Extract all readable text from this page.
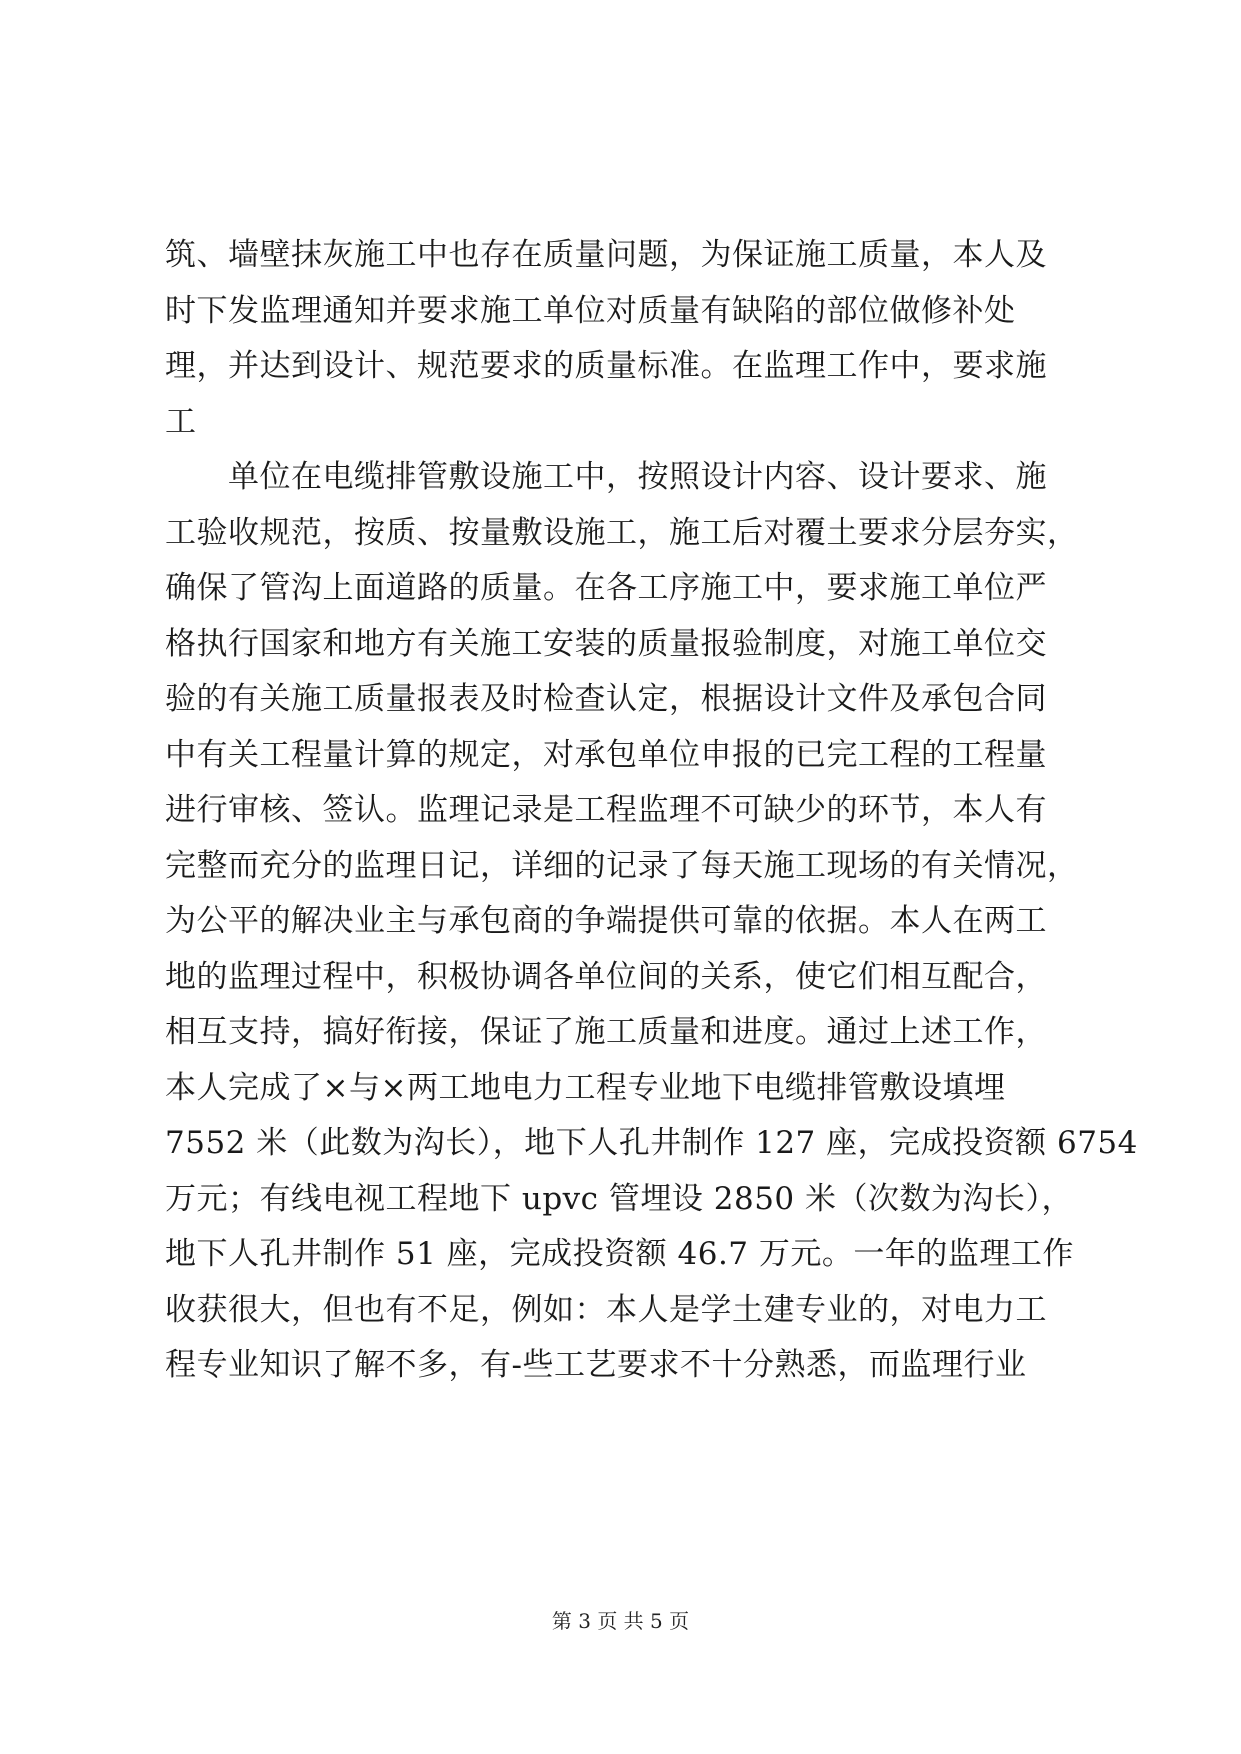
筑、墙壁抹灰施工中也存在质量问题，为保证施工质量，本人及
时下发监理通知并要求施工单位对质量有缺陷的部位做修补处
理，并达到设计、规范要求的质量标准。在监理工作中，要求施
工
　　单位在电缆排管敷设施工中，按照设计内容、设计要求、施
工验收规范，按质、按量敷设施工，施工后对覆土要求分层夯实，
确保了管沟上面道路的质量。在各工序施工中，要求施工单位严
格执行国家和地方有关施工安装的质量报验制度，对施工单位交
验的有关施工质量报表及时检查认定，根据设计文件及承包合同
中有关工程量计算的规定，对承包单位申报的已完工程的工程量
进行审核、签认。监理记录是工程监理不可缺少的环节，本人有
完整而充分的监理日记，详细的记录了每天施工现场的有关情况，
为公平的解决业主与承包商的争端提供可靠的依据。本人在两工
地的监理过程中，积极协调各单位间的关系，使它们相互配合，
相互支持，搞好衔接，保证了施工质量和进度。通过上述工作，
本人完成了×与×两工地电力工程专业地下电缆排管敷设填埋
7552 米（此数为沟长），地下人孔井制作 127 座，完成投资额 6754
万元；有线电视工程地下 upvc 管埋设 2850 米（次数为沟长），
地下人孔井制作 51 座，完成投资额 46.7 万元。一年的监理工作
收获很大，但也有不足，例如：本人是学土建专业的，对电力工
程专业知识了解不多，有-些工艺要求不十分熟悉，而监理行业
第 3 页 共 5 页
